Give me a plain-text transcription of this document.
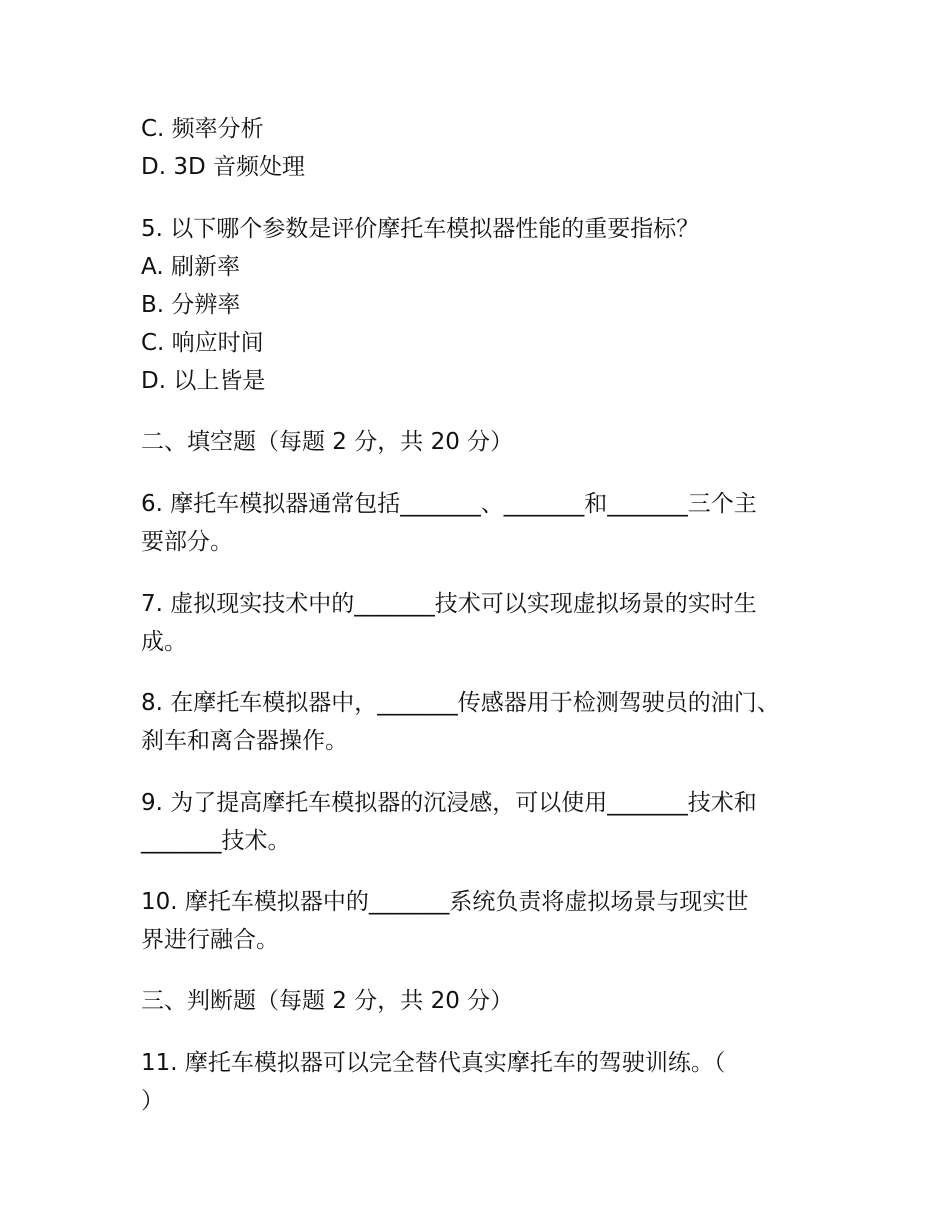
C. 频率分析

D. 3D 音频处理

5. 以下哪个参数是评价摩托车模拟器性能的重要指标？

A. 刷新率

B. 分辨率

C. 响应时间

D. 以上皆是

二、填空题（每题 2 分，共 20 分）

6. 摩托车模拟器通常包括_______、_______和_______三个主

要部分。

7. 虚拟现实技术中的_______技术可以实现虚拟场景的实时生

成。

8. 在摩托车模拟器中，_______传感器用于检测驾驶员的油门、

刹车和离合器操作。

9. 为了提高摩托车模拟器的沉浸感，可以使用_______技术和

_______技术。

10. 摩托车模拟器中的_______系统负责将虚拟场景与现实世

界进行融合。

三、判断题（每题 2 分，共 20 分）

11. 摩托车模拟器可以完全替代真实摩托车的驾驶训练。（

）
